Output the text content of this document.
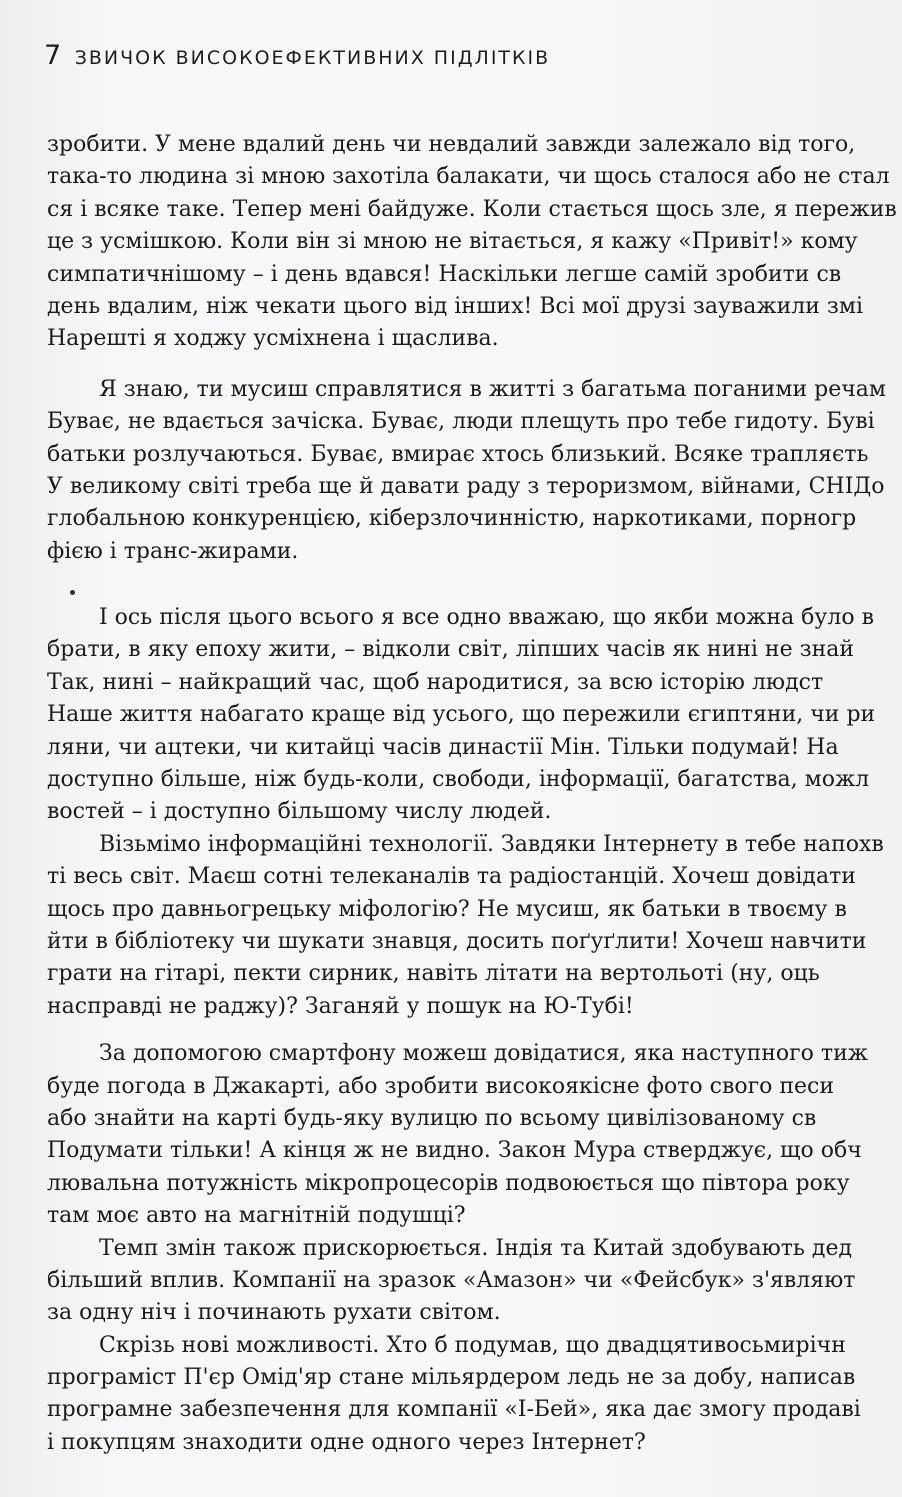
7 ЗВИЧОК ВИСОКОЕФЕКТИВНИХ ПІДЛІТКІВ
зробити. У мене вдалий день чи невдалий завжди залежало від того,
така-то людина зі мною захотіла балакати, чи щось сталося або не стал
ся і всяке таке. Тепер мені байдуже. Коли стається щось зле, я пережив
це з усмішкою. Коли він зі мною не вітається, я кажу «Привіт!» кому
симпатичнішому – і день вдався! Наскільки легше самій зробити св
день вдалим, ніж чекати цього від інших! Всі мої друзі зауважили змі
Нарешті я ходжу усміхнена і щаслива.
Я знаю, ти мусиш справлятися в житті з багатьма поганими речам
Буває, не вдається зачіска. Буває, люди плещуть про тебе гидоту. Буві
батьки розлучаються. Буває, вмирає хтось близький. Всяке трапляєть
У великому світі треба ще й давати раду з тероризмом, війнами, СНІДо
глобальною конкуренцією, кіберзлочинністю, наркотиками, порногр
фією і транс-жирами.
І ось після цього всього я все одно вважаю, що якби можна було в
брати, в яку епоху жити, – відколи світ, ліпших часів як нині не знай
Так, нині – найкращий час, щоб народитися, за всю історію людст
Наше життя набагато краще від усього, що пережили єгиптяни, чи ри
ляни, чи ацтеки, чи китайці часів династії Мін. Тільки подумай! На
доступно більше, ніж будь-коли, свободи, інформації, багатства, можл
востей – і доступно більшому числу людей.
Візьмімо інформаційні технології. Завдяки Інтернету в тебе напохв
ті весь світ. Маєш сотні телеканалів та радіостанцій. Хочеш довідати
щось про давньогрецьку міфологію? Не мусиш, як батьки в твоєму в
йти в бібліотеку чи шукати знавця, досить поґуґлити! Хочеш навчити
грати на гітарі, пекти сирник, навіть літати на вертольоті (ну, оць
насправді не раджу)? Заганяй у пошук на Ю-Тубі!
За допомогою смартфону можеш довідатися, яка наступного тиж
буде погода в Джакарті, або зробити високоякісне фото свого песи
або знайти на карті будь-яку вулицю по всьому цивілізованому св
Подумати тільки! А кінця ж не видно. Закон Мура стверджує, що обч
лювальна потужність мікропроцесорів подвоюється що півтора року
там моє авто на магнітній подушці?
Темп змін також прискорюється. Індія та Китай здобувають дед
більший вплив. Компанії на зразок «Амазон» чи «Фейсбук» з'являют
за одну ніч і починають рухати світом.
Скрізь нові можливості. Хто б подумав, що двадцятивосьмирічн
програміст П'єр Омід'яр стане мільярдером ледь не за добу, написав
програмне забезпечення для компанії «І-Бей», яка дає змогу продаві
і покупцям знаходити одне одного через Інтернет?
